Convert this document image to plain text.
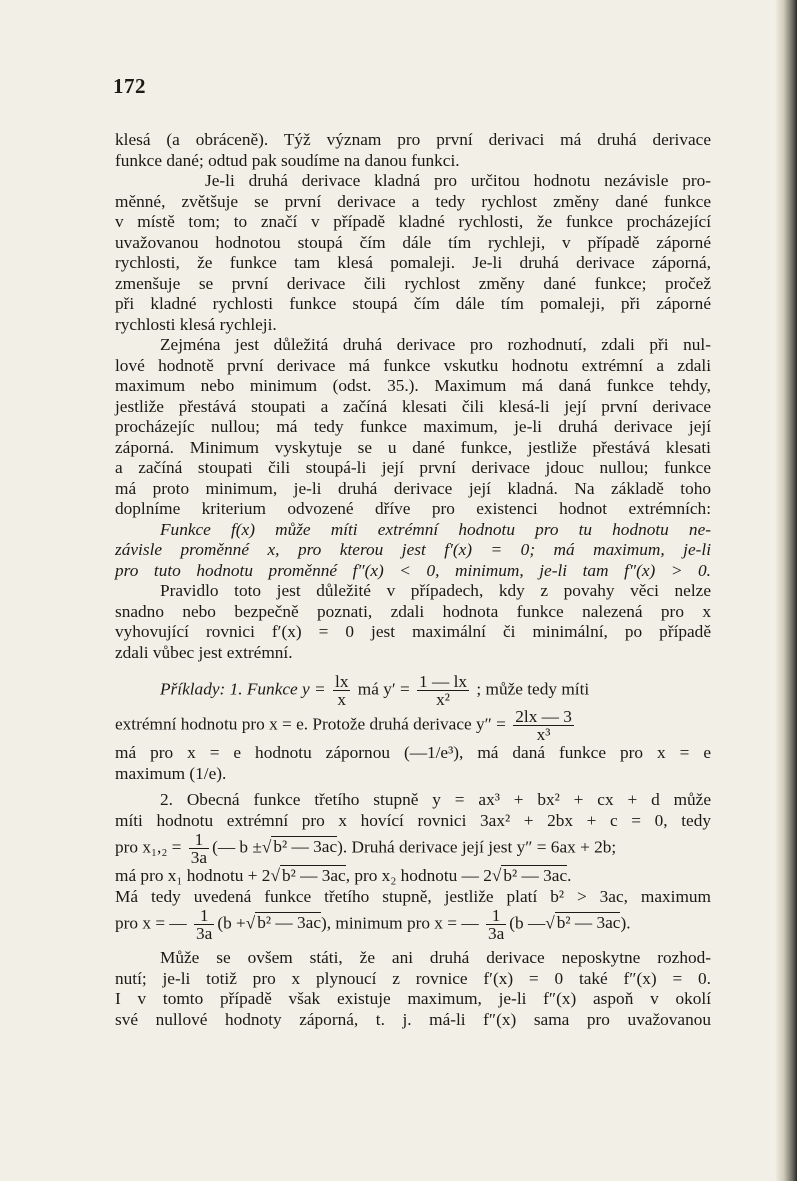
172
klesá (a obráceně). Týž význam pro první derivaci má druhá derivace
funkce dané; odtud pak soudíme na danou funkci.
Je-li druhá derivace kladná pro určitou hodnotu nezávisle pro-
měnné, zvětšuje se první derivace a tedy rychlost změny dané funkce
v místě tom; to značí v případě kladné rychlosti, že funkce procházející
uvažovanou hodnotou stoupá čím dále tím rychleji, v případě záporné
rychlosti, že funkce tam klesá pomaleji. Je-li druhá derivace záporná,
zmenšuje se první derivace čili rychlost změny dané funkce; pročež
při kladné rychlosti funkce stoupá čím dále tím pomaleji, při záporné
rychlosti klesá rychleji.
Zejména jest důležitá druhá derivace pro rozhodnutí, zdali při nul-
lové hodnotě první derivace má funkce vskutku hodnotu extrémní a zdali
maximum nebo minimum (odst. 35.). Maximum má daná funkce tehdy,
jestliže přestává stoupati a začíná klesati čili klesá-li její první derivace
procházejíc nullou; má tedy funkce maximum, je-li druhá derivace její
záporná. Minimum vyskytuje se u dané funkce, jestliže přestává klesati
a začíná stoupati čili stoupá-li její první derivace jdouc nullou; funkce
má proto minimum, je-li druhá derivace její kladná. Na základě toho
doplníme kriterium odvozené dříve pro existenci hodnot extrémních:
Funkce f(x) může míti extrémní hodnotu pro tu hodnotu ne-
závisle proměnné x, pro kterou jest f′(x) = 0; má maximum, je-li
pro tuto hodnotu proměnné f″(x) < 0, minimum, je-li tam f″(x) > 0.
Pravidlo toto jest důležité v případech, kdy z povahy věci nelze
snadno nebo bezpečně poznati, zdali hodnota funkce nalezená pro x
vyhovující rovnici f′(x) = 0 jest maximální či minimální, po případě
zdali vůbec jest extrémní.
Příklady: 1. Funkce $y = \frac{lx}{x}$ má $y' = \frac{1 — lx}{\text{x²}}$ ; může tedy míti
extrémní hodnotu pro x = e. Protože druhá derivace $y'' = \frac{2lx — 3}{\text{x³}}$
má pro x = e hodnotu zápornou (—1/e³), má daná funkce pro x = e
maximum (1/e).
2. Obecná funkce třetího stupně y = ax³ + bx² + cx + d může
míti hodnotu extrémní pro x hovící rovnici 3ax² + 2bx + c = 0, tedy
pro $x_1,_2 = \frac{1}{3a}$ (— b ±√ b² — 3ac). Druhá derivace její jest y″ = 6ax + 2b;
má pro x₁ hodnotu + 2√ b² — 3ac, pro x₂ hodnotu — 2√ b² — 3ac.
Má tedy uvedená funkce třetího stupně, jestliže platí b² > 3ac, maximum
pro x = — $\frac{1}{3a} (b$ +√ b² — 3ac), minimum pro x = — $\frac{1}{3a} (b$ —√ b² — 3ac).
Může se ovšem státi, že ani druhá derivace neposkytne rozhod-
nutí; je-li totiž pro x plynoucí z rovnice f′(x) = 0 také f″(x) = 0.
I v tomto případě však existuje maximum, je-li f″(x) aspoň v okolí
své nullové hodnoty záporná, t. j. má-li f″(x) sama pro uvažovanou
